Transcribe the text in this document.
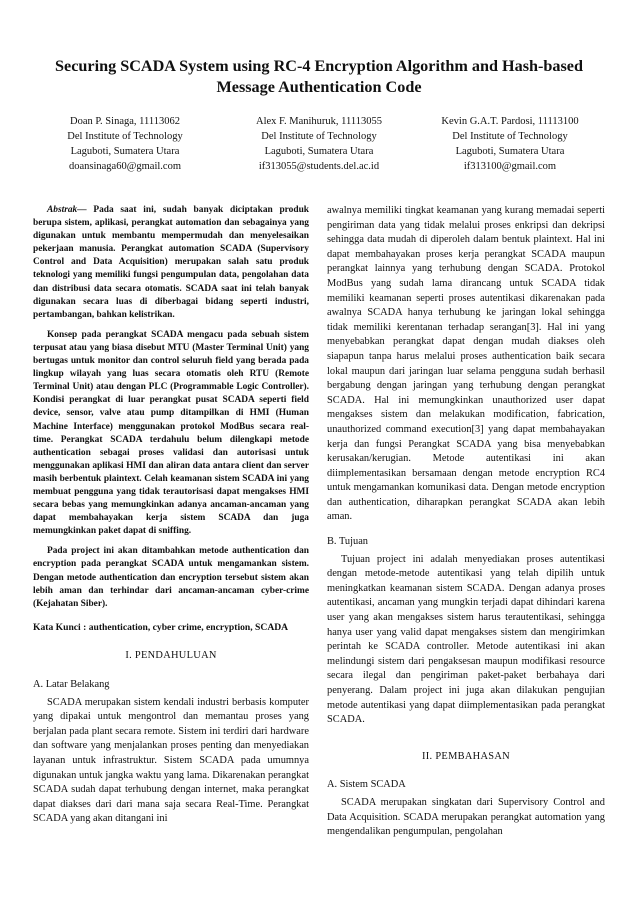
Securing SCADA System using RC-4 Encryption Algorithm and Hash-based Message Authentication Code
Doan P. Sinaga, 11113062
Del Institute of Technology
Laguboti, Sumatera Utara
doansinaga60@gmail.com
Alex F. Manihuruk, 11113055
Del Institute of Technology
Laguboti, Sumatera Utara
if313055@students.del.ac.id
Kevin G.A.T. Pardosi, 11113100
Del Institute of Technology
Laguboti, Sumatera Utara
if313100@gmail.com

Abstrak— Pada saat ini, sudah banyak diciptakan produk berupa sistem, aplikasi, perangkat automation dan sebagainya yang digunakan untuk membantu mempermudah dan menyelesaikan pekerjaan manusia. Perangkat automation SCADA (Supervisory Control and Data Acquisition) merupakan salah satu produk teknologi yang memiliki fungsi pengumpulan data, pengolahan data dan distribusi data secara otomatis. SCADA saat ini telah banyak digunakan secara luas di diberbagai bidang seperti industri, pertambangan, bahkan kelistrikan.

Konsep pada perangkat SCADA mengacu pada sebuah sistem terpusat atau yang biasa disebut MTU (Master Terminal Unit) yang bertugas untuk monitor dan control seluruh field yang berada pada lingkup wilayah yang luas secara otomatis oleh RTU (Remote Terminal Unit) atau dengan PLC (Programmable Logic Controller). Kondisi perangkat di luar perangkat pusat SCADA seperti field device, sensor, valve atau pump ditampilkan di HMI (Human Machine Interface) menggunakan protokol ModBus secara real-time. Perangkat SCADA terdahulu belum dilengkapi metode authentication sebagai proses validasi dan autorisasi untuk menggunakan aplikasi HMI dan aliran data antara client dan server masih berbentuk plaintext. Celah keamanan sistem SCADA ini yang membuat pengguna yang tidak terautorisasi dapat mengakses HMI secara bebas yang memungkinkan adanya ancaman-ancaman yang dapat membahayakan kerja sistem SCADA dan juga memungkinkan paket dapat di sniffing.

Pada project ini akan ditambahkan metode authentication dan encryption pada perangkat SCADA untuk mengamankan sistem. Dengan metode authentication dan encryption tersebut sistem akan lebih aman dan terhindar dari ancaman-ancaman cyber-crime (Kejahatan Siber).

Kata Kunci : authentication, cyber crime, encryption, SCADA
I. PENDAHULUAN
A. Latar Belakang

SCADA merupakan sistem kendali industri berbasis komputer yang dipakai untuk mengontrol dan memantau proses yang berjalan pada plant secara remote. Sistem ini terdiri dari hardware dan software yang menjalankan proses penting dan menyediakan layanan untuk infrastruktur. Sistem SCADA pada umumnya digunakan untuk jangka waktu yang lama. Dikarenakan perangkat SCADA sudah dapat terhubung dengan internet, maka perangkat dapat diakses dari dari mana saja secara Real-Time. Perangkat SCADA yang akan ditangani ini

awalnya memiliki tingkat keamanan yang kurang memadai seperti pengiriman data yang tidak melalui proses enkripsi dan dekripsi sehingga data mudah di diperoleh dalam bentuk plaintext. Hal ini dapat membahayakan proses kerja perangkat SCADA maupun perangkat lainnya yang terhubung dengan SCADA. Protokol ModBus yang sudah lama dirancang untuk SCADA tidak memiliki keamanan seperti proses autentikasi dikarenakan pada awalnya SCADA hanya terhubung ke jaringan lokal sehingga tidak memiliki kerentanan terhadap serangan[3]. Hal ini yang menyebabkan perangkat dapat dengan mudah diakses oleh siapapun tanpa harus melalui proses authentication baik secara lokal maupun dari jaringan luar selama pengguna sudah berhasil bergabung dengan jaringan yang terhubung dengan perangkat SCADA. Hal ini memungkinkan unauthorized user dapat mengakses sistem dan melakukan modification, fabrication, unauthorized command execution[3] yang dapat membahayakan kerja dan fungsi Perangkat SCADA yang bisa menyebabkan kerusakan/kerugian. Metode autentikasi ini akan diimplementasikan bersamaan dengan metode encryption RC4 untuk mengamankan komunikasi data. Dengan metode encryption dan authentication, diharapkan perangkat SCADA akan lebih aman.

B. Tujuan

Tujuan project ini adalah menyediakan proses autentikasi dengan metode-metode autentikasi yang telah dipilih untuk meningkatkan keamanan sistem SCADA. Dengan adanya proses autentikasi, ancaman yang mungkin terjadi dapat dihindari karena user yang akan mengakses sistem harus terautentikasi, sehingga hanya user yang valid dapat mengakses sistem dan mengirimkan perintah ke SCADA controller. Metode autentikasi ini akan melindungi sistem dari pengaksesan maupun modifikasi resource secara ilegal dan pengiriman paket-paket berbahaya dari penyerang. Dalam project ini juga akan dilakukan pengujian metode autentikasi yang dapat diimplementasikan pada perangkat SCADA.

II. PEMBAHASAN
A. Sistem SCADA

SCADA merupakan singkatan dari Supervisory Control and Data Acquisition. SCADA merupakan perangkat automation yang mengendalikan pengumpulan, pengolahan
